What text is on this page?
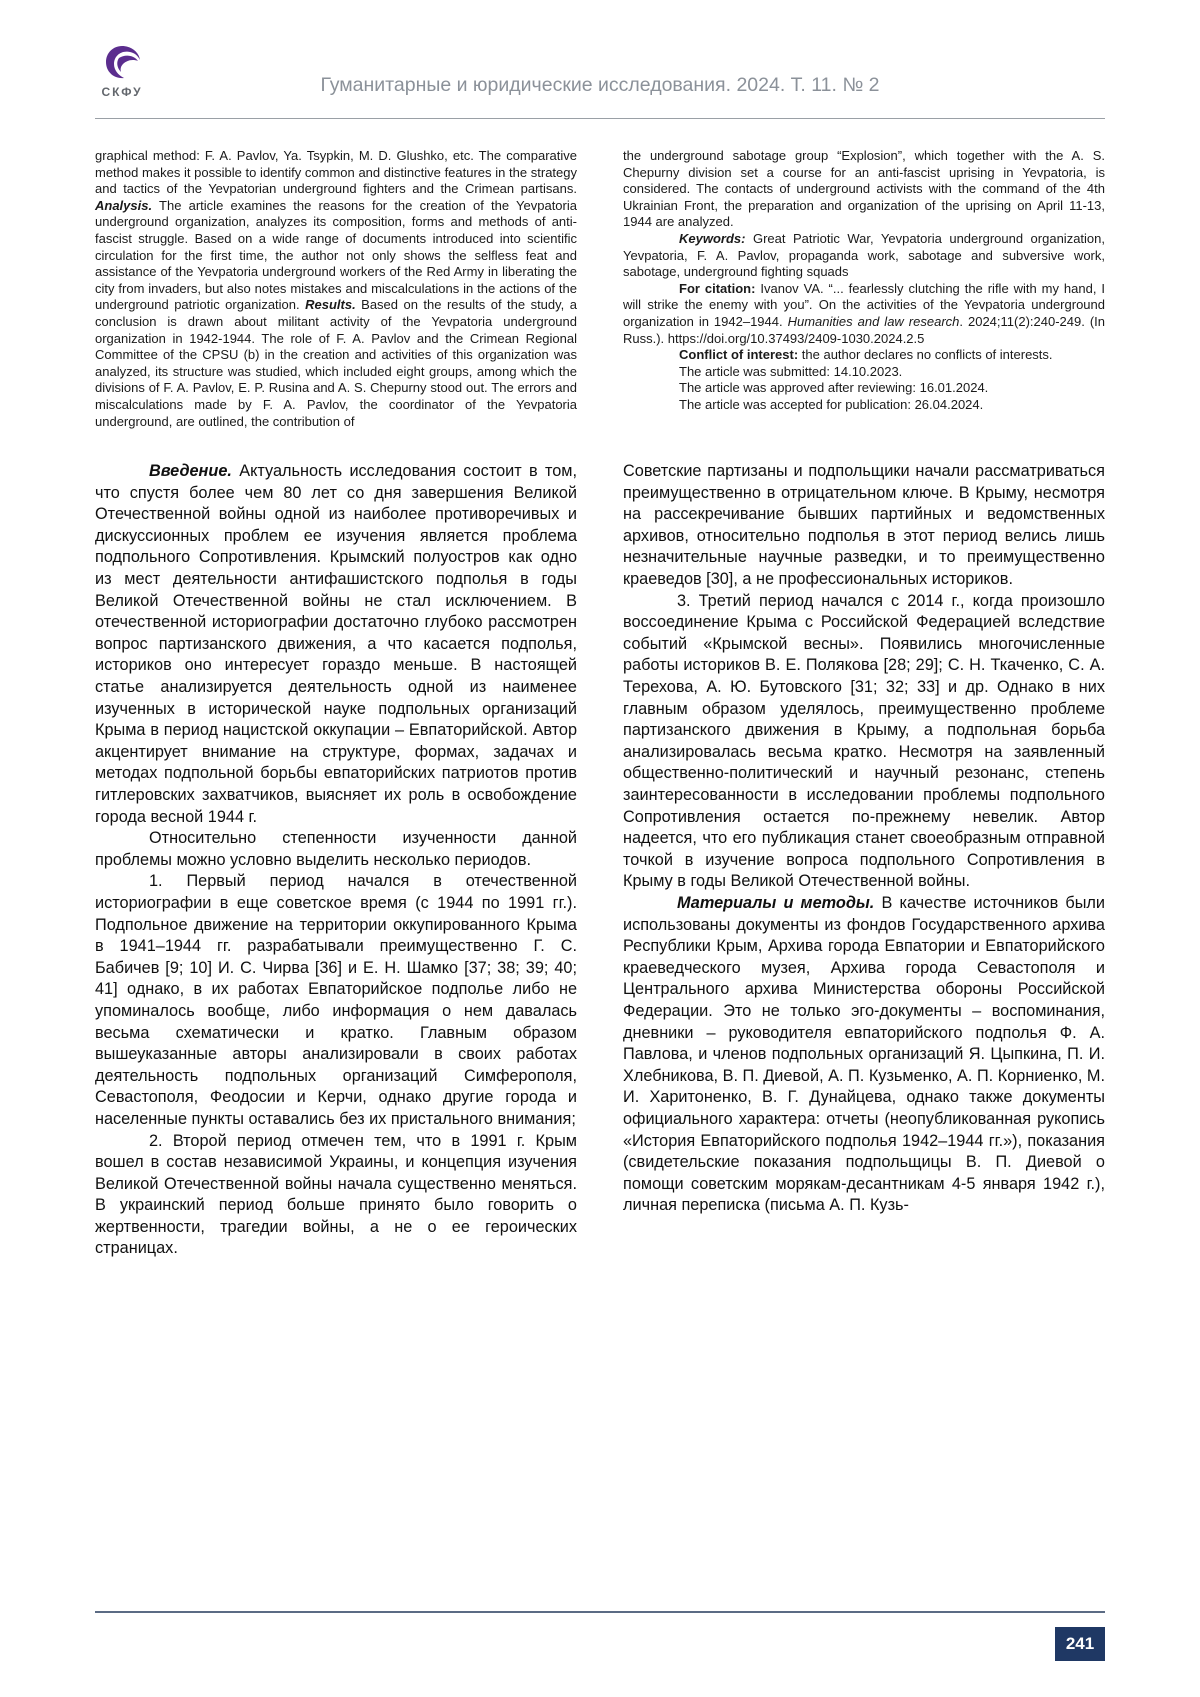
СКФУ	Гуманитарные и юридические исследования. 2024. Т. 11. № 2

graphical method: F. A. Pavlov, Ya. Tsypkin, M. D. Glushko, etc. The comparative method makes it possible to identify common and distinctive features in the strategy and tactics of the Yevpatorian underground fighters and the Crimean partisans. Analysis. The article examines the reasons for the creation of the Yevpatoria underground organization, analyzes its composition, forms and methods of anti-fascist struggle. Based on a wide range of documents introduced into scientific circulation for the first time, the author not only shows the selfless feat and assistance of the Yevpatoria underground workers of the Red Army in liberating the city from invaders, but also notes mistakes and miscalculations in the actions of the underground patriotic organization. Results. Based on the results of the study, a conclusion is drawn about militant activity of the Yevpatoria underground organization in 1942-1944. The role of F. A. Pavlov and the Crimean Regional Committee of the CPSU (b) in the creation and activities of this organization was analyzed, its structure was studied, which included eight groups, among which the divisions of F. A. Pavlov, E. P. Rusina and A. S. Chepurny stood out. The errors and miscalculations made by F. A. Pavlov, the coordinator of the Yevpatoria underground, are outlined, the contribution of

the underground sabotage group “Explosion”, which together with the A. S. Chepurny division set a course for an anti-fascist uprising in Yevpatoria, is considered. The contacts of underground activists with the command of the 4th Ukrainian Front, the preparation and organization of the uprising on April 11-13, 1944 are analyzed.

Keywords: Great Patriotic War, Yevpatoria underground organization, Yevpatoria, F. A. Pavlov, propaganda work, sabotage and subversive work, sabotage, underground fighting squads

For citation: Ivanov VA. “... fearlessly clutching the rifle with my hand, I will strike the enemy with you”. On the activities of the Yevpatoria underground organization in 1942–1944. Humanities and law research. 2024;11(2):240-249. (In Russ.). https://doi.org/10.37493/2409-1030.2024.2.5

Conflict of interest: the author declares no conflicts of interests.

The article was submitted: 14.10.2023.

The article was approved after reviewing: 16.01.2024.

The article was accepted for publication: 26.04.2024.

Введение. Актуальность исследования состоит в том, что спустя более чем 80 лет со дня завершения Великой Отечественной войны одной из наиболее противоречивых и дискуссионных проблем ее изучения является проблема подпольного Сопротивления. Крымский полуостров как одно из мест деятельности антифашистского подполья в годы Великой Отечественной войны не стал исключением. В отечественной историографии достаточно глубоко рассмотрен вопрос партизанского движения, а что касается подполья, историков оно интересует гораздо меньше. В настоящей статье анализируется деятельность одной из наименее изученных в исторической науке подпольных организаций Крыма в период нацистской оккупации – Евпаторийской. Автор акцентирует внимание на структуре, формах, задачах и методах подпольной борьбы евпаторийских патриотов против гитлеровских захватчиков, выясняет их роль в освобождение города весной 1944 г.

Относительно степенности изученности данной проблемы можно условно выделить несколько периодов.

1. Первый период начался в отечественной историографии в еще советское время (с 1944 по 1991 гг.). Подпольное движение на территории оккупированного Крыма в 1941–1944 гг. разрабатывали преимущественно Г. С. Бабичев [9; 10] И. С. Чирва [36] и Е. Н. Шамко [37; 38; 39; 40; 41] однако, в их работах Евпаторийское подполье либо не упоминалось вообще, либо информация о нем давалась весьма схематически и кратко. Главным образом вышеуказанные авторы анализировали в своих работах деятельность подпольных организаций Симферополя, Севастополя, Феодосии и Керчи, однако другие города и населенные пункты оставались без их пристального внимания;

2. Второй период отмечен тем, что в 1991 г. Крым вошел в состав независимой Украины, и концепция изучения Великой Отечественной войны начала существенно меняться. В украинский период больше принято было говорить о жертвенности, трагедии войны, а не о ее героических страницах.

Советские партизаны и подпольщики начали рассматриваться преимущественно в отрицательном ключе. В Крыму, несмотря на рассекречивание бывших партийных и ведомственных архивов, относительно подполья в этот период велись лишь незначительные научные разведки, и то преимущественно краеведов [30], а не профессиональных историков.

3. Третий период начался с 2014 г., когда произошло воссоединение Крыма с Российской Федерацией вследствие событий «Крымской весны». Появились многочисленные работы историков В. Е. Полякова [28; 29]; С. Н. Ткаченко, С. А. Терехова, А. Ю. Бутовского [31; 32; 33] и др. Однако в них главным образом уделялось, преимущественно проблеме партизанского движения в Крыму, а подпольная борьба анализировалась весьма кратко. Несмотря на заявленный общественно-политический и научный резонанс, степень заинтересованности в исследовании проблемы подпольного Сопротивления остается по-прежнему невелик. Автор надеется, что его публикация станет своеобразным отправной точкой в изучение вопроса подпольного Сопротивления в Крыму в годы Великой Отечественной войны.

Материалы и методы. В качестве источников были использованы документы из фондов Государственного архива Республики Крым, Архива города Евпатории и Евпаторийского краеведческого музея, Архива города Севастополя и Центрального архива Министерства обороны Российской Федерации. Это не только эго-документы – воспоминания, дневники – руководителя евпаторийского подполья Ф. А. Павлова, и членов подпольных организаций Я. Цыпкина, П. И. Хлебникова, В. П. Диевой, А. П. Кузьменко, А. П. Корниенко, М. И. Харитоненко, В. Г. Дунайцева, однако также документы официального характера: отчеты (неопубликованная рукопись «История Евпаторийского подполья 1942–1944 гг.»), показания (свидетельские показания подпольщицы В. П. Диевой о помощи советским морякам-десантникам 4-5 января 1942 г.), личная переписка (письма А. П. Кузь-

241
